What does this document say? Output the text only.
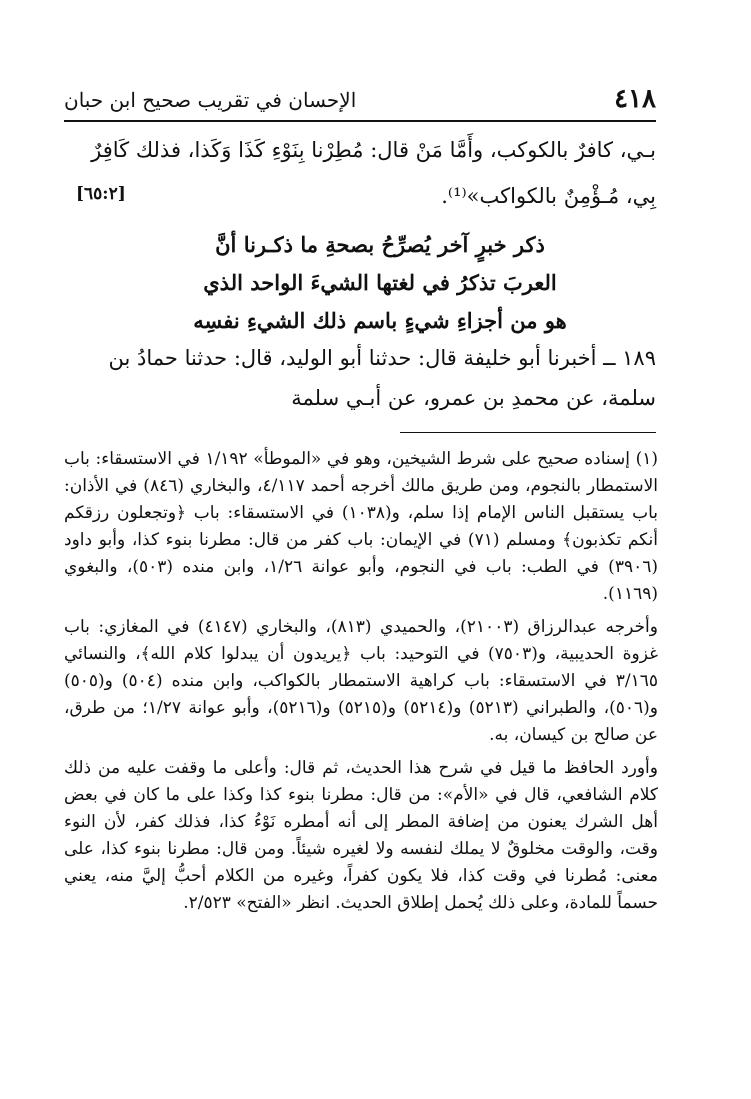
٤١٨
الإحسان في تقريب صحيح ابن حبان
ﺑـي، كافرٌ بالكوكب، وأَمَّا مَنْ قال: مُطِرْنا بِنَوْءِ كَذَا وَكَذا، فذلك كَافِرٌ
بِي، مُـؤْمِنٌ بالكواكب»⁽¹⁾.
[٦٥:٢]
ذكر خبرٍ آخر يُصرِّحُ بصحةِ ما ذكـرنا أنَّ
العربَ تذكرُ في لغتها الشيءَ الواحد الذي
هو من أجزاءِ شيءٍ باسم ذلك الشيءِ نفسِه
١٨٩ ــ أخبرنا أبو خليفة قال: حدثنا أبو الوليد، قال: حدثنا حمادُ بن
سلمة، عن محمدِ بن عمرو، عن أبـي سلمة

(١) إسناده صحيح على شرط الشيخين، وهو في «الموطأ» ١/١٩٢ في الاستسقاء: باب الاستمطار بالنجوم، ومن طريق مالك أخرجه أحمد ٤/١١٧، والبخاري (٨٤٦) في الأذان: باب يستقبل الناس الإمام إذا سلم، و(١٠٣٨) في الاستسقاء: باب ﴿وتجعلون رزقكم أنكم تكذبون﴾ ومسلم (٧١) في الإيمان: باب كفر من قال: مطرنا بنوء كذا، وأبو داود (٣٩٠٦) في الطب: باب في النجوم، وأبو عوانة ١/٢٦، وابن منده (٥٠٣)، والبغوي (١١٦٩).

وأخرجه عبدالرزاق (٢١٠٠٣)، والحميدي (٨١٣)، والبخاري (٤١٤٧) في المغازي: باب غزوة الحديبية، و(٧٥٠٣) في التوحيد: باب ﴿يريدون أن يبدلوا كلام الله﴾، والنسائي ٣/١٦٥ في الاستسقاء: باب كراهية الاستمطار بالكواكب، وابن منده (٥٠٤) و(٥٠٥) و(٥٠٦)، والطبراني (٥٢١٣) و(٥٢١٤) و(٥٢١٥) و(٥٢١٦)، وأبو عوانة ١/٢٧؛ من طرق، عن صالح بن كيسان، به.

وأورد الحافظ ما قيل في شرح هذا الحديث، ثم قال: وأعلى ما وقفت عليه من ذلك كلام الشافعي، قال في «الأم»: من قال: مطرنا بنوء كذا وكذا على ما كان في بعض أهل الشرك يعنون من إضافة المطر إلى أنه أمطره نَوْءُ كذا، فذلك كفر، لأن النوء وقت، والوقت مخلوقٌ لا يملك لنفسه ولا لغيره شيئاً. ومن قال: مطرنا بنوء كذا، على معنى: مُطرنا في وقت كذا، فلا يكون كفراً، وغيره من الكلام أحبُّ إليَّ منه، يعني حسماً للمادة، وعلى ذلك يُحمل إطلاق الحديث. انظر «الفتح» ٢/٥٢٣.
